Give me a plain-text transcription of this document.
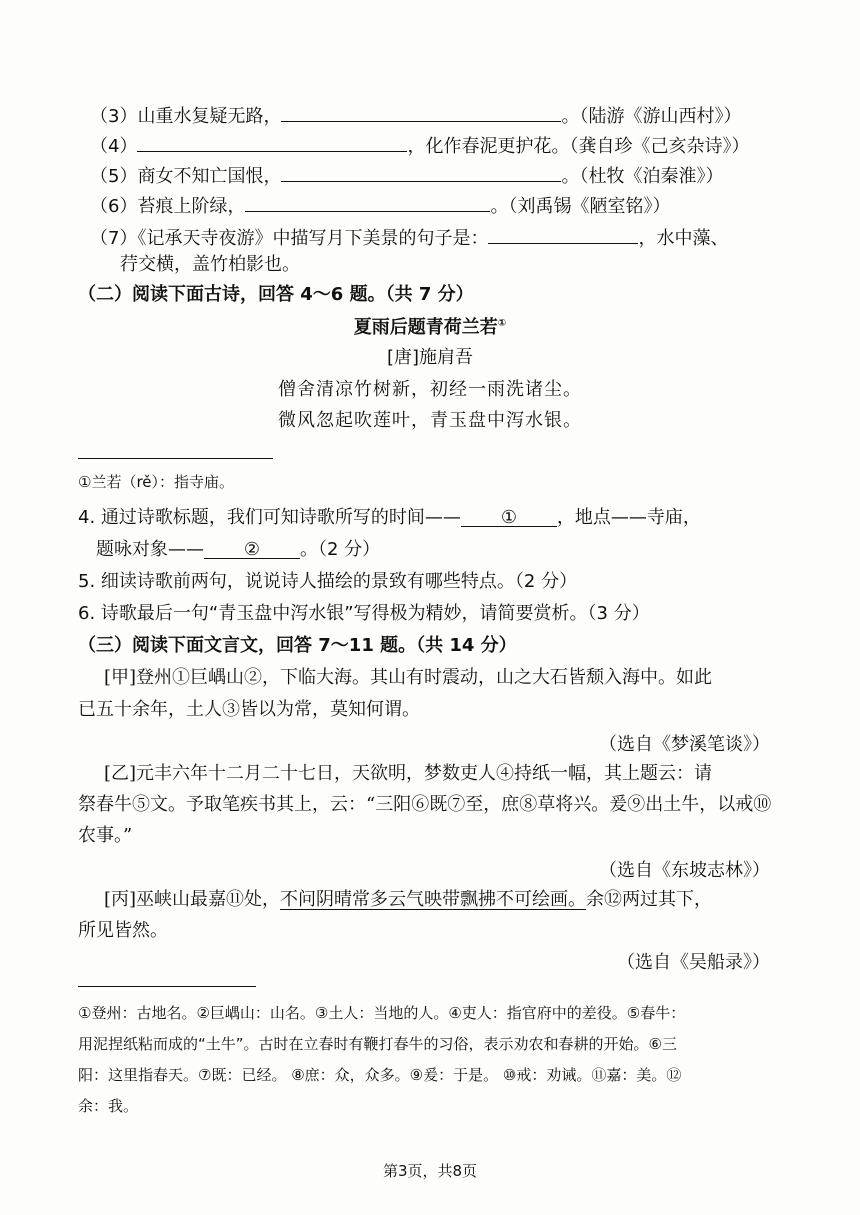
（3）山重水复疑无路，	。（陆游《游山西村》）
（4）	，化作春泥更护花。（龚自珍《己亥杂诗》）
（5）商女不知亡国恨，	。（杜牧《泊秦淮》）
（6）苔痕上阶绿，	。（刘禹锡《陋室铭》）
（7）《记承天寺夜游》中描写月下美景的句子是：	，水中藻、
荇交横，盖竹柏影也。
（二）阅读下面古诗，回答 4～6 题。（共 7 分）
夏雨后题青荷兰若①
[唐]施肩吾
僧舍清凉竹树新，初经一雨洗诸尘。
微风忽起吹莲叶，青玉盘中泻水银。
①兰若（rě）：指寺庙。
4. 通过诗歌标题，我们可知诗歌所写的时间—— ① ，地点——寺庙，
题咏对象—— ② 。（2 分）
5. 细读诗歌前两句，说说诗人描绘的景致有哪些特点。（2 分）
6. 诗歌最后一句“青玉盘中泻水银”写得极为精妙，请简要赏析。（3 分）
（三）阅读下面文言文，回答 7～11 题。（共 14 分）
[甲]登州①巨嵎山②，下临大海。其山有时震动，山之大石皆颓入海中。如此
已五十余年，土人③皆以为常，莫知何谓。
（选自《梦溪笔谈》）
[乙]元丰六年十二月二十七日，天欲明，梦数吏人④持纸一幅，其上题云：请
祭春牛⑤文。予取笔疾书其上，云：“三阳⑥既⑦至，庶⑧草将兴。爰⑨出土牛，以戒⑩
农事。”
（选自《东坡志林》）
[丙]巫峡山最嘉⑪处，不问阴晴常多云气映带飘拂不可绘画。余⑫两过其下，
所见皆然。
（选自《吴船录》）
①登州：古地名。②巨嵎山：山名。③土人：当地的人。④吏人：指官府中的差役。⑤春牛：
用泥捏纸粘而成的“土牛”。古时在立春时有鞭打春牛的习俗，表示劝农和春耕的开始。⑥三
阳：这里指春天。⑦既：已经。 ⑧庶：众，众多。⑨爰：于是。 ⑩戒：劝诫。⑪嘉：美。⑫
余：我。
第3页，共8页
